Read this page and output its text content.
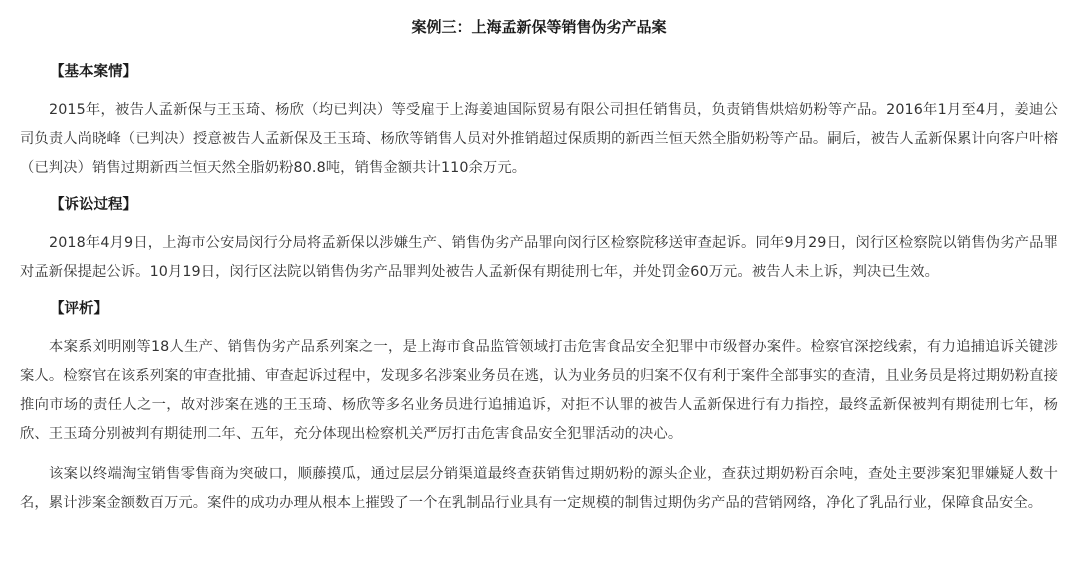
案例三：上海孟新保等销售伪劣产品案
【基本案情】

2015年，被告人孟新保与王玉琦、杨欣（均已判决）等受雇于上海姜迪国际贸易有限公司担任销售员，负责销售烘焙奶粉等产品。2016年1月至4月，姜迪公司负责人尚晓峰（已判决）授意被告人孟新保及王玉琦、杨欣等销售人员对外推销超过保质期的新西兰恒天然全脂奶粉等产品。嗣后，被告人孟新保累计向客户叶榕（已判决）销售过期新西兰恒天然全脂奶粉80.8吨，销售金额共计110余万元。

【诉讼过程】

2018年4月9日，上海市公安局闵行分局将孟新保以涉嫌生产、销售伪劣产品罪向闵行区检察院移送审查起诉。同年9月29日，闵行区检察院以销售伪劣产品罪对孟新保提起公诉。10月19日，闵行区法院以销售伪劣产品罪判处被告人孟新保有期徒刑七年，并处罚金60万元。被告人未上诉，判决已生效。

【评析】

本案系刘明刚等18人生产、销售伪劣产品系列案之一，是上海市食品监管领域打击危害食品安全犯罪中市级督办案件。检察官深挖线索，有力追捕追诉关键涉案人。检察官在该系列案的审查批捕、审查起诉过程中，发现多名涉案业务员在逃，认为业务员的归案不仅有利于案件全部事实的查清，且业务员是将过期奶粉直接推向市场的责任人之一，故对涉案在逃的王玉琦、杨欣等多名业务员进行追捕追诉，对拒不认罪的被告人孟新保进行有力指控，最终孟新保被判有期徒刑七年，杨欣、王玉琦分别被判有期徒刑二年、五年，充分体现出检察机关严厉打击危害食品安全犯罪活动的决心。

该案以终端淘宝销售零售商为突破口，顺藤摸瓜，通过层层分销渠道最终查获销售过期奶粉的源头企业，查获过期奶粉百余吨，查处主要涉案犯罪嫌疑人数十名，累计涉案金额数百万元。案件的成功办理从根本上摧毁了一个在乳制品行业具有一定规模的制售过期伪劣产品的营销网络，净化了乳品行业，保障食品安全。
